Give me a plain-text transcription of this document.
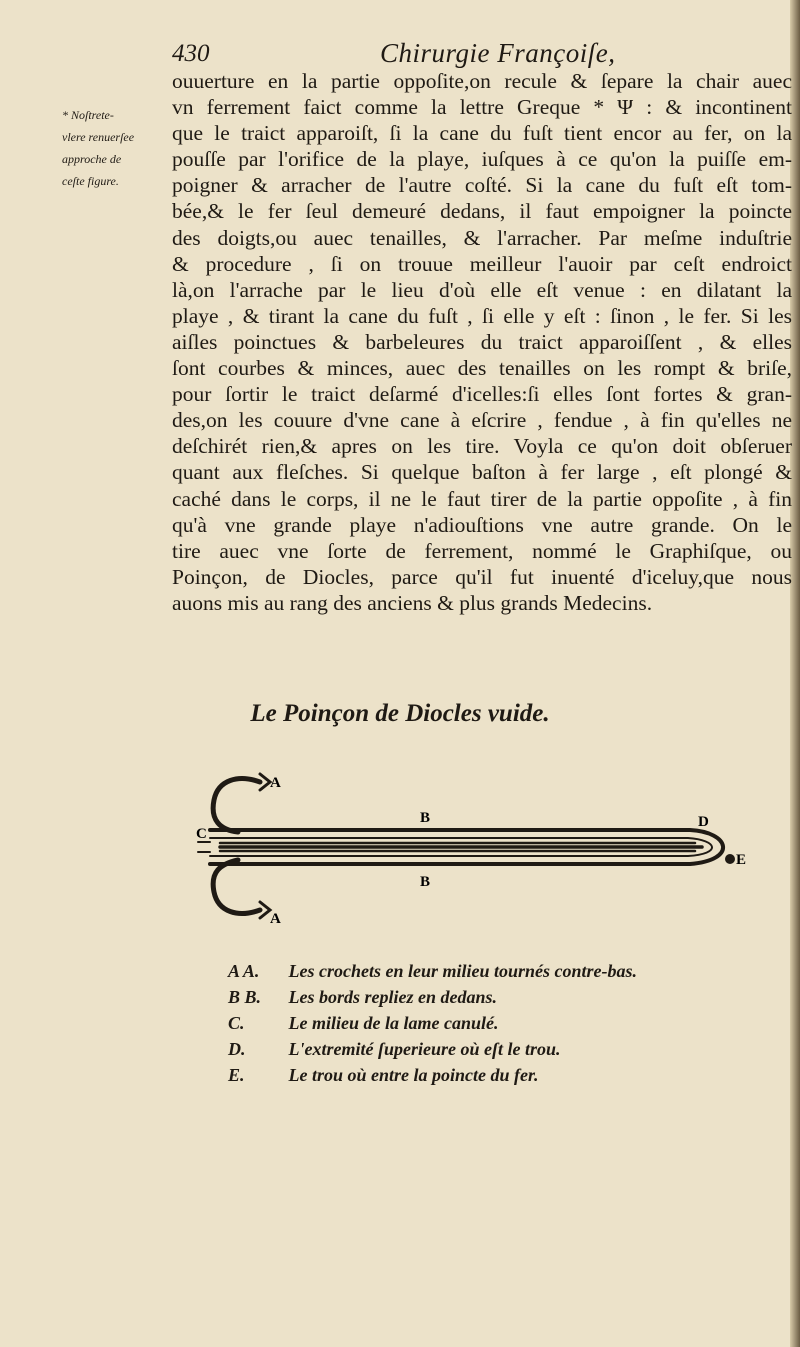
430	Chirurgie Françoiſe,
* Noſtrete-
vlere renuerſee
approche de
ceſte figure.
ouuerture en la partie oppoſite,on recule & ſepare la chair auec
vn ferrement faict comme la lettre Greque * Ψ : & incontinent
que le traict apparoiſt, ſi la cane du fuſt tient encor au fer, on la
pouſſe par l'orifice de la playe, iuſques à ce qu'on la puiſſe em-
poigner & arracher de l'autre coſté. Si la cane du fuſt eſt tom-
bée,& le fer ſeul demeuré dedans, il faut empoigner la poincte
des doigts,ou auec tenailles, & l'arracher. Par meſme induſtrie
& procedure , ſi on trouue meilleur l'auoir par ceſt endroict
là,on l'arrache par le lieu d'où elle eſt venue : en dilatant la
playe , & tirant la cane du fuſt , ſi elle y eſt : ſinon , le fer. Si les
aiſles poinctues & barbeleures du traict apparoiſſent , & elles
ſont courbes & minces, auec des tenailles on les rompt & briſe,
pour ſortir le traict deſarmé d'icelles:ſi elles ſont fortes & gran-
des,on les couure d'vne cane à eſcrire , fendue , à fin qu'elles ne
deſchirét rien,& apres on les tire. Voyla ce qu'on doit obſeruer
quant aux fleſches. Si quelque baſton à fer large , eſt plongé &
caché dans le corps, il ne le faut tirer de la partie oppoſite , à fin
qu'à vne grande playe n'adiouſtions vne autre grande. On le
tire auec vne ſorte de ferrement, nommé le Graphiſque, ou
Poinçon, de Diocles, parce qu'il fut inuenté d'iceluy,que nous
auons mis au rang des anciens & plus grands Medecins.
Le Poinçon de Diocles vuide.
A
A
B
B
C
D
E
A A. Les crochets en leur milieu tournés contre-bas.
B B. Les bords repliez en dedans.
C. Le milieu de la lame canulé.
D. L'extremité ſuperieure où eſt le trou.
E. Le trou où entre la poincte du fer.
